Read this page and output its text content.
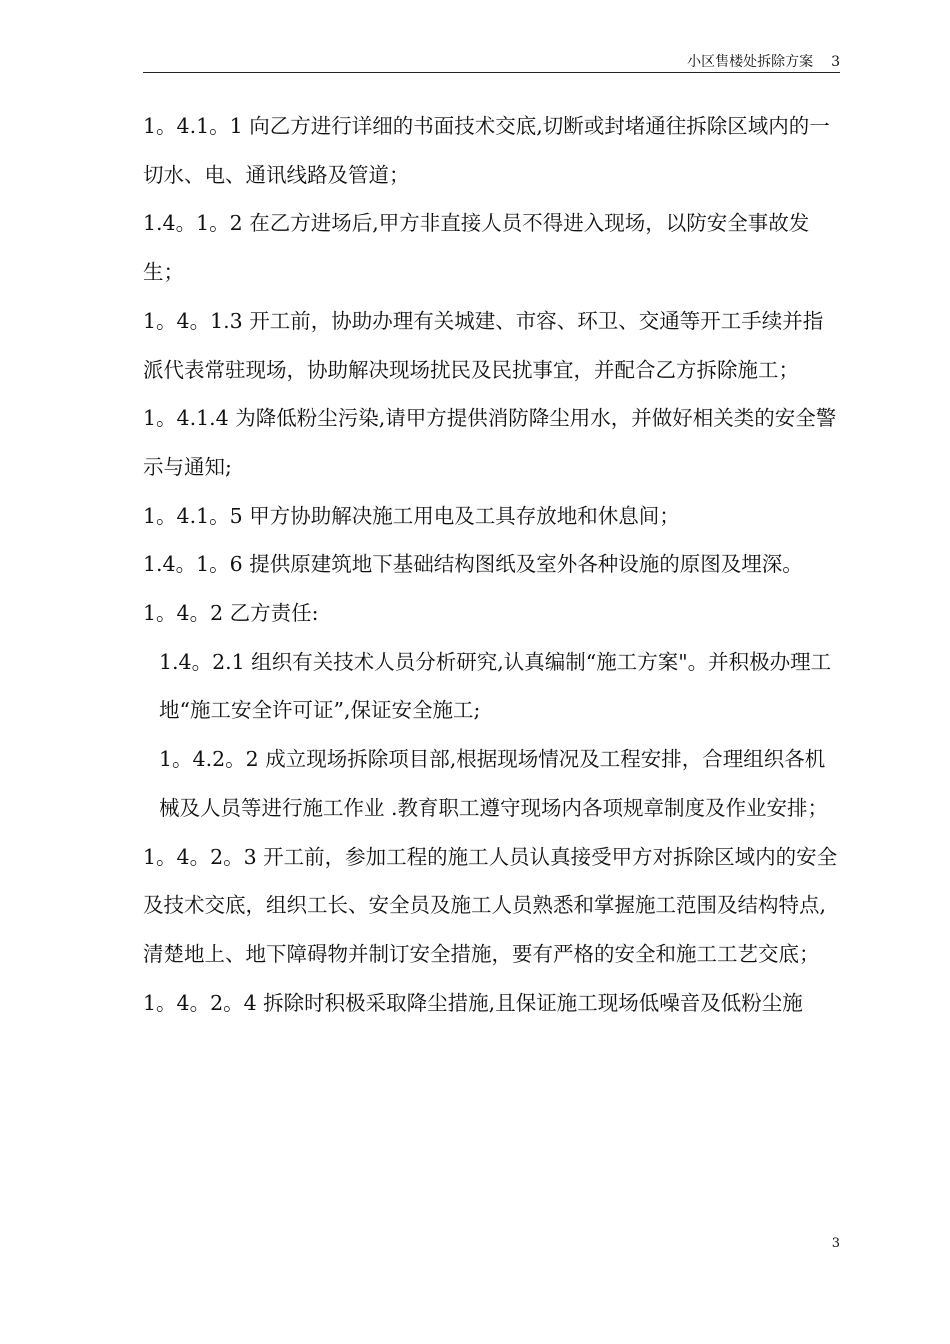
小区售楼处拆除方案 3

1。4.1。1 向乙方进行详细的书面技术交底,切断或封堵通往拆除区域内的一切水、电、通讯线路及管道；

1.4。1。2 在乙方进场后,甲方非直接人员不得进入现场，以防安全事故发生；

1。4。1.3 开工前，协助办理有关城建、市容、环卫、交通等开工手续并指派代表常驻现场，协助解决现场扰民及民扰事宜，并配合乙方拆除施工；

1。4.1.4 为降低粉尘污染,请甲方提供消防降尘用水，并做好相关类的安全警示与通知;

1。4.1。5 甲方协助解决施工用电及工具存放地和休息间；

1.4。1。6 提供原建筑地下基础结构图纸及室外各种设施的原图及埋深。

1。4。2 乙方责任:

1.4。2.1 组织有关技术人员分析研究,认真编制“施工方案"。并积极办理工地“施工安全许可证”,保证安全施工;

1。4.2。2 成立现场拆除项目部,根据现场情况及工程安排，合理组织各机械及人员等进行施工作业 .教育职工遵守现场内各项规章制度及作业安排；

1。4。2。3 开工前，参加工程的施工人员认真接受甲方对拆除区域内的安全及技术交底，组织工长、安全员及施工人员熟悉和掌握施工范围及结构特点,清楚地上、地下障碍物并制订安全措施，要有严格的安全和施工工艺交底；

1。4。2。4 拆除时积极采取降尘措施,且保证施工现场低噪音及低粉尘施

3
